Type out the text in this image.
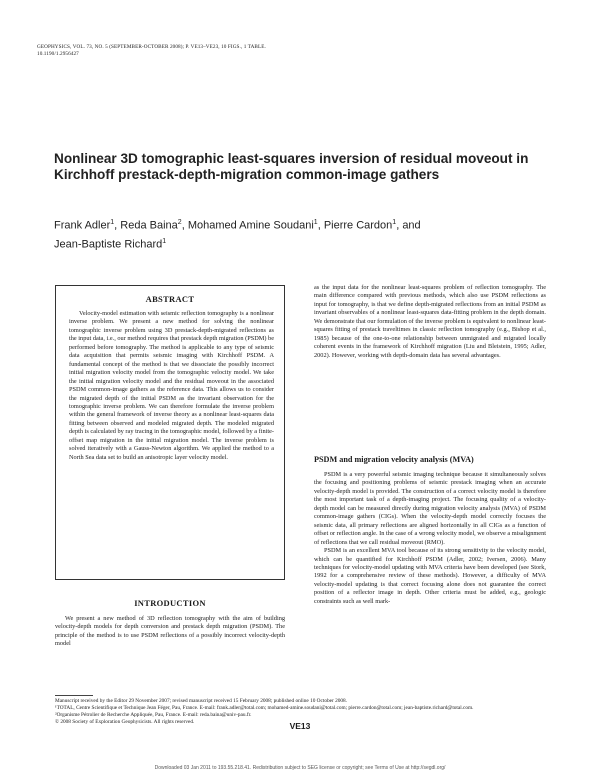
GEOPHYSICS, VOL. 73, NO. 5 (SEPTEMBER-OCTOBER 2008); P. VE13–VE23, 10 FIGS., 1 TABLE.
10.1190/1.2956427
Nonlinear 3D tomographic least-squares inversion of residual moveout in Kirchhoff prestack-depth-migration common-image gathers
Frank Adler$^1$, Reda Baina$^2$, Mohamed Amine Soudani$^1$, Pierre Cardon$^1$, and
Jean-Baptiste Richard$^1$
ABSTRACT
Velocity-model estimation with seismic reflection tomography is a nonlinear inverse problem. We present a new method for solving the nonlinear tomographic inverse problem using 3D prestack-depth-migrated reflections as the input data, i.e., our method requires that prestack depth migration (PSDM) be performed before tomography. The method is applicable to any type of seismic data acquisition that permits seismic imaging with Kirchhoff PSDM. A fundamental concept of the method is that we dissociate the possibly incorrect initial migration velocity model from the tomographic velocity model. We take the initial migration velocity model and the residual moveout in the associated PSDM common-image gathers as the reference data. This allows us to consider the migrated depth of the initial PSDM as the invariant observation for the tomographic inverse problem. We can therefore formulate the inverse problem within the general framework of inverse theory as a nonlinear least-squares data fitting between observed and modeled migrated depth. The modeled migrated depth is calculated by ray tracing in the tomographic model, followed by a finite-offset map migration in the initial migration model. The inverse problem is solved iteratively with a Gauss-Newton algorithm. We applied the method to a North Sea data set to build an anisotropic layer velocity model.
INTRODUCTION
We present a new method of 3D reflection tomography with the aim of building velocity-depth models for depth conversion and prestack depth migration (PSDM). The principle of the method is to use PSDM reflections of a possibly incorrect velocity-depth model
as the input data for the nonlinear least-squares problem of reflection tomography. The main difference compared with previous methods, which also use PSDM reflections as input for tomography, is that we define depth-migrated reflections from an initial PSDM as invariant observables of a nonlinear least-squares data-fitting problem in the depth domain. We demonstrate that our formulation of the inverse problem is equivalent to nonlinear least-squares fitting of prestack traveltimes in classic reflection tomography (e.g., Bishop et al., 1985) because of the one-to-one relationship between unmigrated and migrated locally coherent events in the framework of Kirchhoff migration (Liu and Bleistein, 1995; Adler, 2002). However, working with depth-domain data has several advantages.
PSDM and migration velocity analysis (MVA)

PSDM is a very powerful seismic imaging technique because it simultaneously solves the focusing and positioning problems of seismic prestack imaging when an accurate velocity-depth model is provided. The construction of a correct velocity model is therefore the most important task of a depth-imaging project. The focusing quality of a velocity-depth model can be measured directly during migration velocity analysis (MVA) of PSDM common-image gathers (CIGs). When the velocity-depth model correctly focuses the seismic data, all primary reflections are aligned horizontally in all CIGs as a function of offset or reflection angle. In the case of a wrong velocity model, we observe a misalignment of reflections that we call residual moveout (RMO).

PSDM is an excellent MVA tool because of its strong sensitivity to the velocity model, which can be quantified for Kirchhoff PSDM (Adler, 2002; Iversen, 2006). Many techniques for velocity-model updating with MVA criteria have been developed (see Stork, 1992 for a comprehensive review of these methods). However, a difficulty of MVA velocity-model updating is that correct focusing alone does not guarantee the correct position of a reflector image in depth. Other criteria must be added, e.g., geologic constraints such as well mark-

Manuscript received by the Editor 29 November 2007; revised manuscript received 15 February 2008; published online 10 October 2008.
¹TOTAL, Centre Scientifique et Technique Jean Féger, Pau, France. E-mail: frank.adler@total.com; mohamed-amine.soudani@total.com; pierre.cardon@total.com; jean-baptiste.richard@total.com.
²Organisme Pétrolier de Recherche Appliquée, Pau, France. E-mail: reda.baina@univ-pau.fr.
© 2008 Society of Exploration Geophysicists. All rights reserved.	VE13
Downloaded 03 Jan 2011 to 193.55.218.41. Redistribution subject to SEG license or copyright; see Terms of Use at http://segdl.org/
